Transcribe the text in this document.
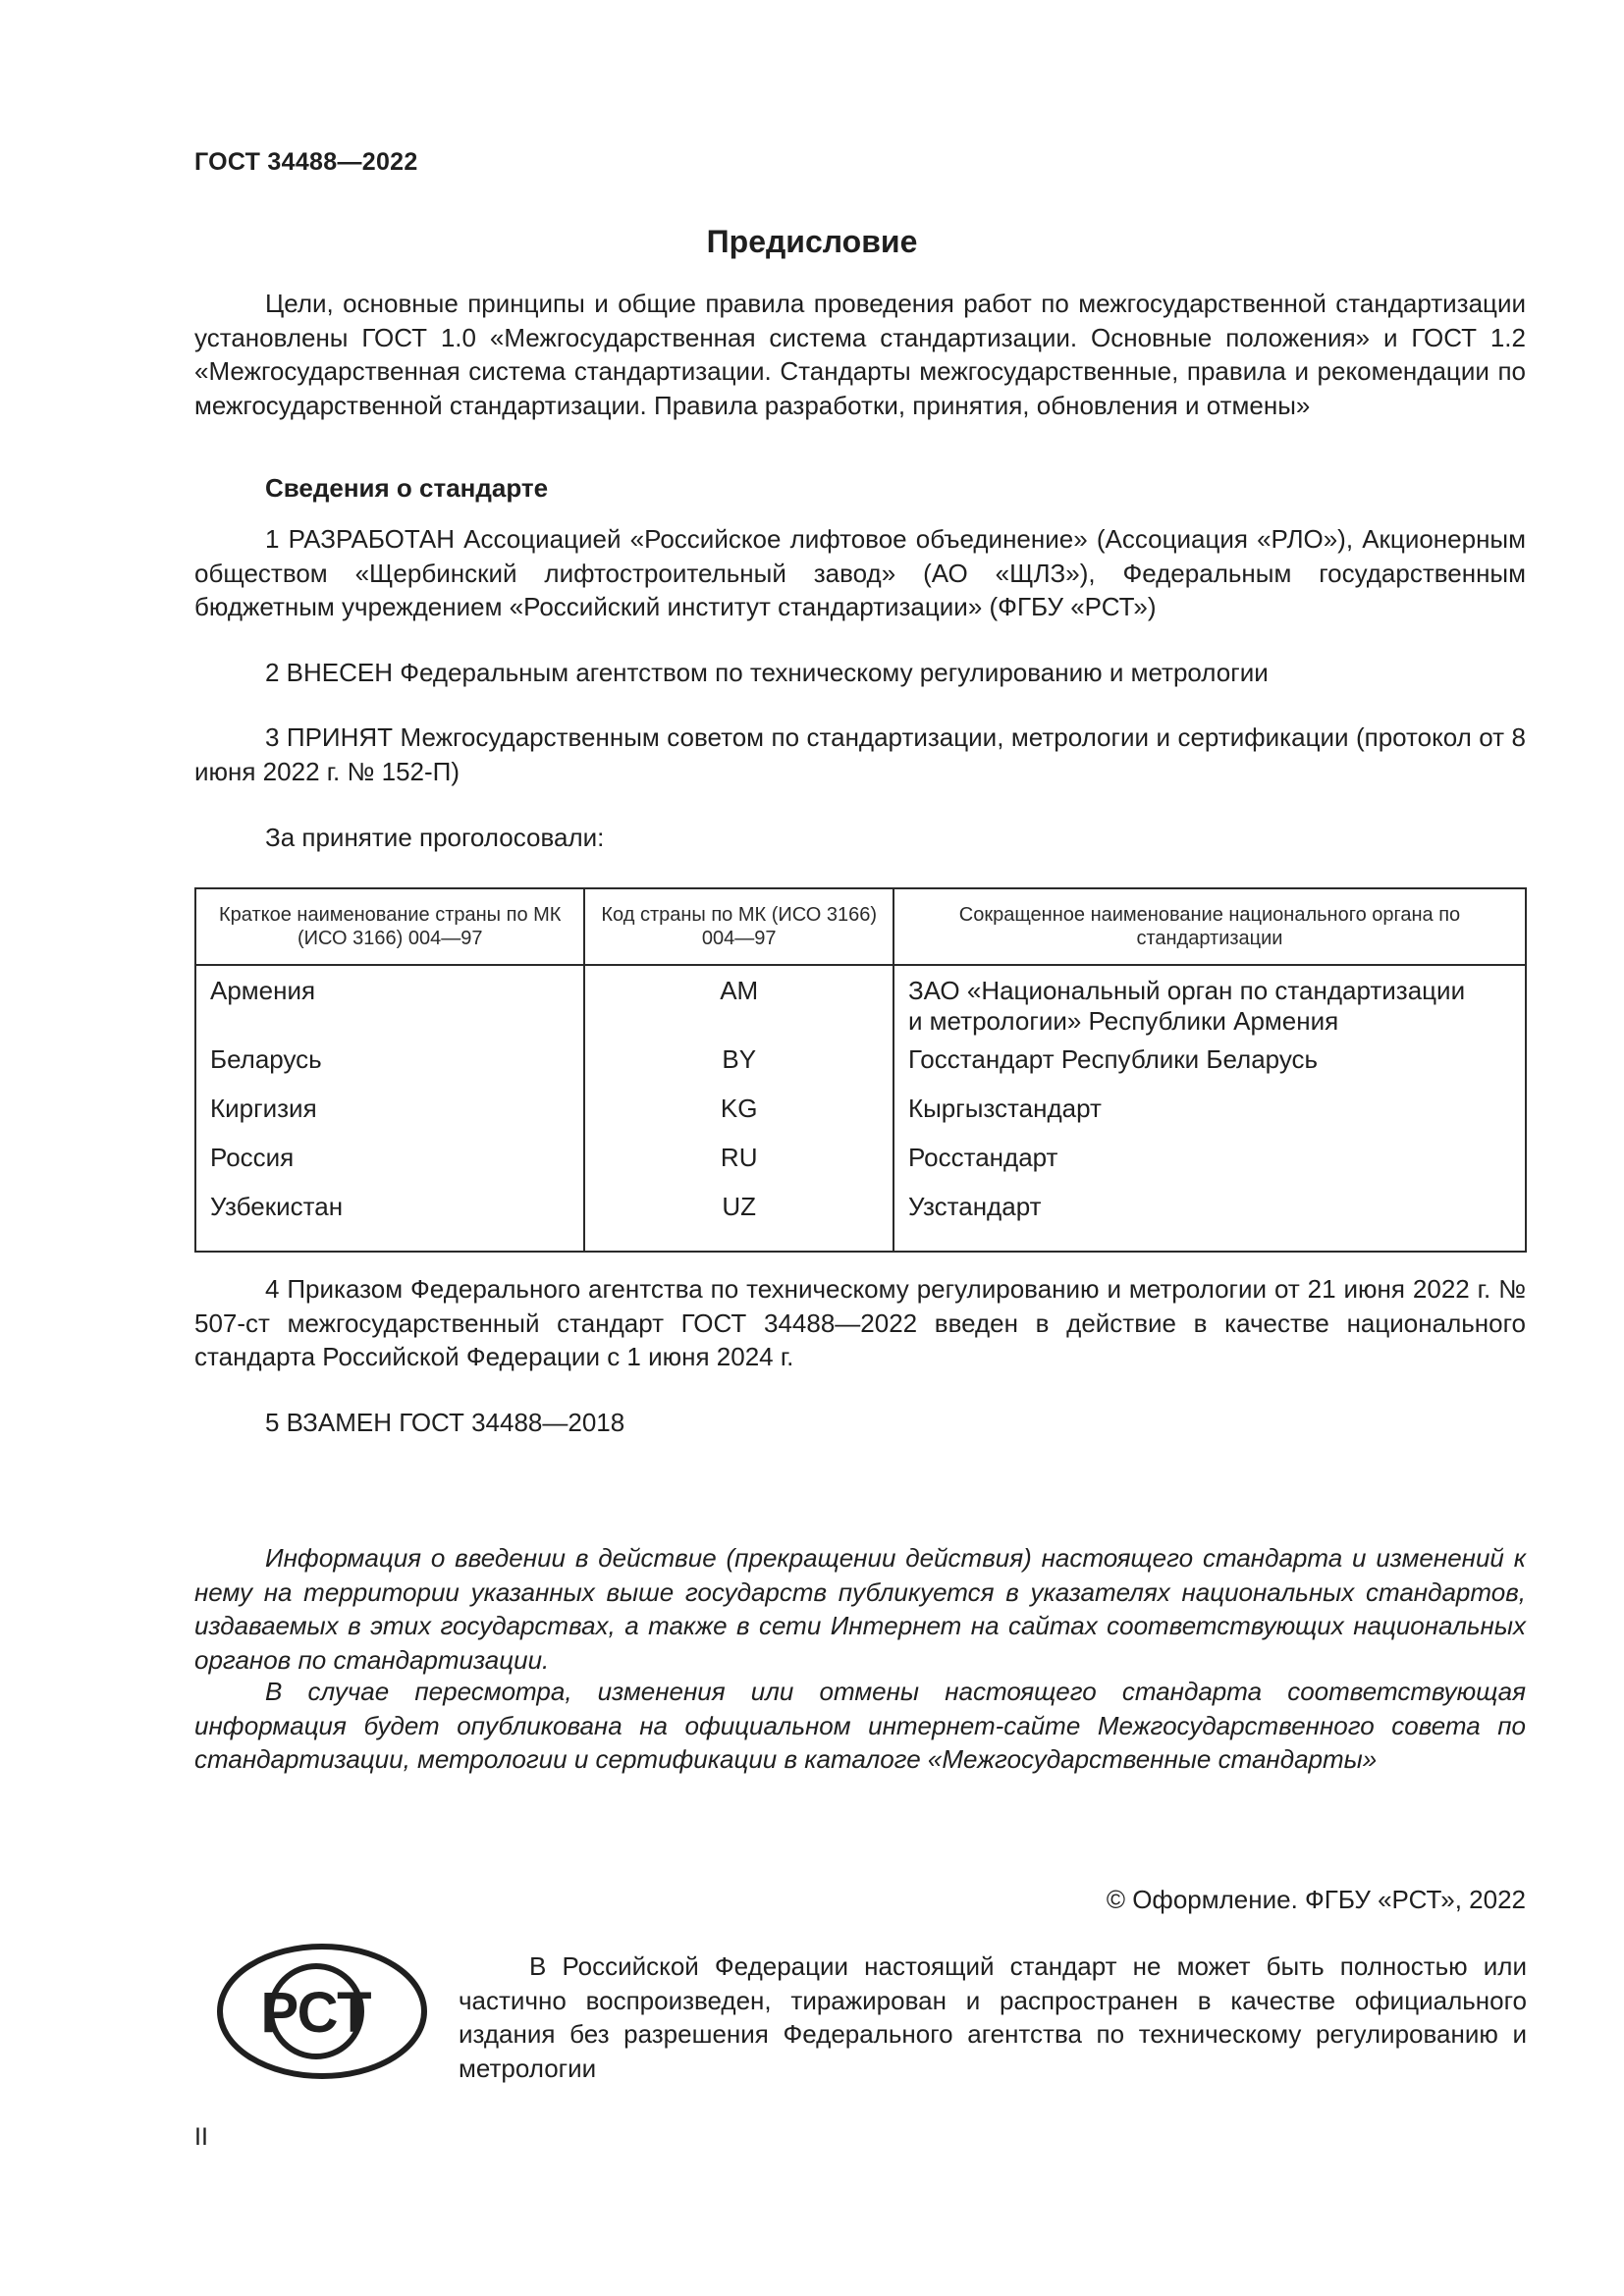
ГОСТ 34488—2022
Предисловие
Цели, основные принципы и общие правила проведения работ по межгосударственной стандартизации установлены ГОСТ 1.0 «Межгосударственная система стандартизации. Основные положения» и ГОСТ 1.2 «Межгосударственная система стандартизации. Стандарты межгосударственные, правила и рекомендации по межгосударственной стандартизации. Правила разработки, принятия, обновления и отмены»
Сведения о стандарте
1 РАЗРАБОТАН Ассоциацией «Российское лифтовое объединение» (Ассоциация «РЛО»), Акционерным обществом «Щербинский лифтостроительный завод» (АО «ЩЛЗ»), Федеральным государственным бюджетным учреждением «Российский институт стандартизации» (ФГБУ «РСТ»)
2 ВНЕСЕН Федеральным агентством по техническому регулированию и метрологии
3 ПРИНЯТ Межгосударственным советом по стандартизации, метрологии и сертификации (протокол от 8 июня 2022 г. № 152-П)
За принятие проголосовали:
Краткое наименование страны по МК (ИСО 3166) 004—97	Код страны по МК (ИСО 3166) 004—97	Сокращенное наименование национального органа по стандартизации
Армения	AM	ЗАО «Национальный орган по стандартизации
и метрологии» Республики Армения

Беларусь	BY	Госстандарт Республики Беларусь
Киргизия	KG	Кыргызстандарт
Россия	RU	Росстандарт
Узбекистан	UZ	Узстандарт
4 Приказом Федерального агентства по техническому регулированию и метрологии от 21 июня 2022 г. № 507-ст межгосударственный стандарт ГОСТ 34488—2022 введен в действие в качестве национального стандарта Российской Федерации с 1 июня 2024 г.
5 ВЗАМЕН ГОСТ 34488—2018
Информация о введении в действие (прекращении действия) настоящего стандарта и изменений к нему на территории указанных выше государств публикуется в указателях национальных стандартов, издаваемых в этих государствах, а также в сети Интернет на сайтах соответствующих национальных органов по стандартизации.
В случае пересмотра, изменения или отмены настоящего стандарта соответствующая информация будет опубликована на официальном интернет-сайте Межгосударственного совета по стандартизации, метрологии и сертификации в каталоге «Межгосударственные стандарты»
© Оформление. ФГБУ «РСТ», 2022
РСТ
В Российской Федерации настоящий стандарт не может быть полностью или частично воспроизведен, тиражирован и распространен в качестве официального издания без разрешения Федерального агентства по техническому регулированию и метрологии
II
